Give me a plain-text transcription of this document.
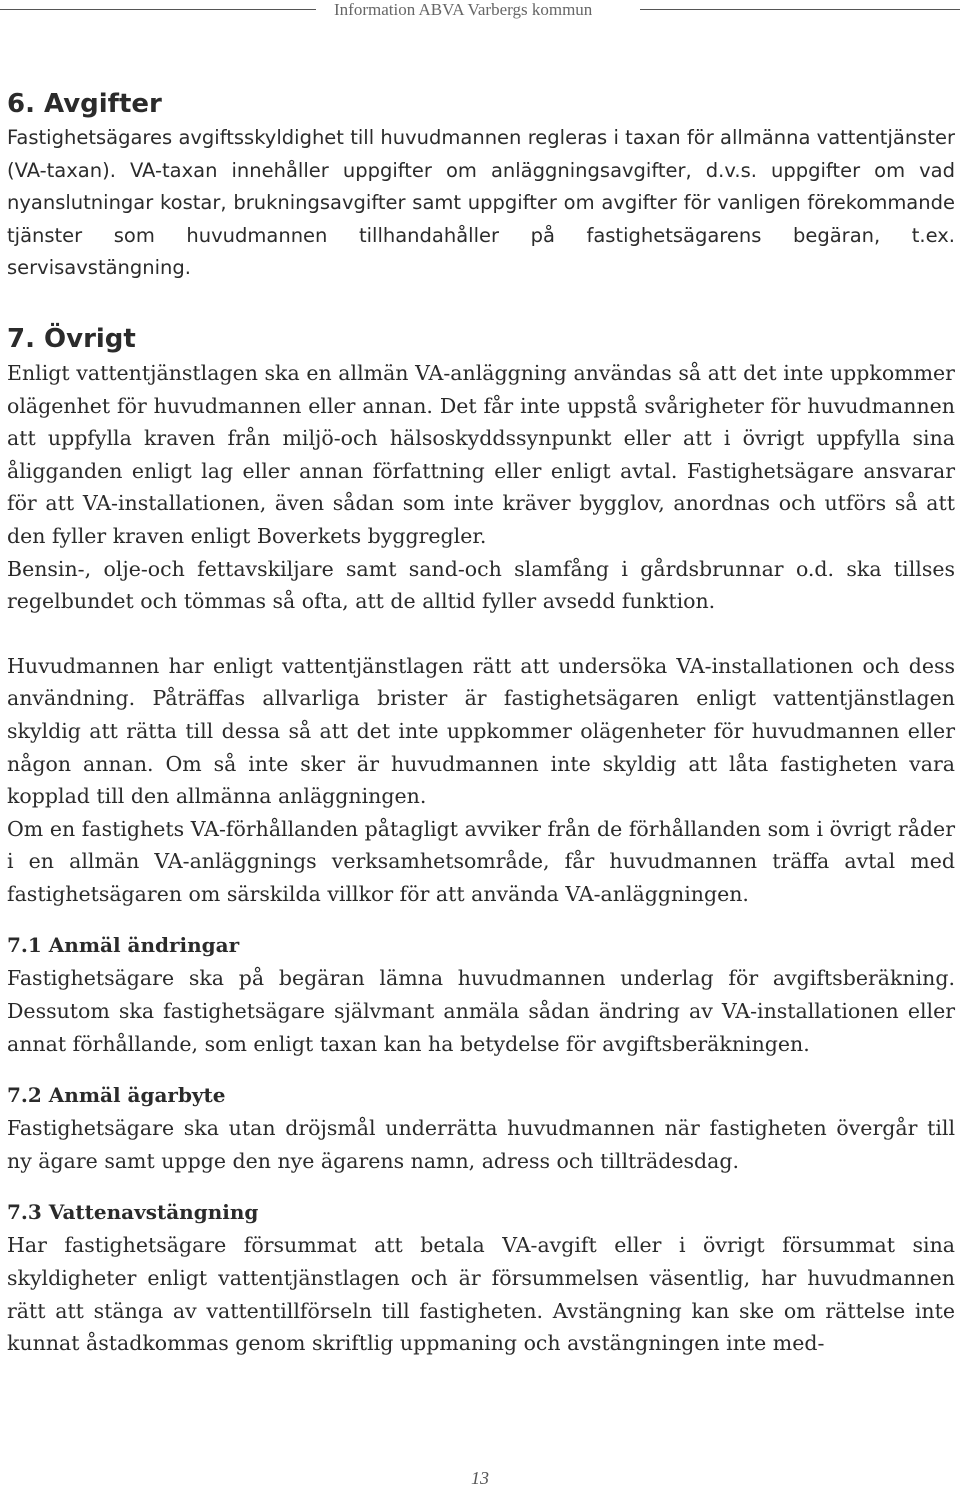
Information ABVA Varbergs kommun
6. Avgifter

Fastighetsägares avgiftsskyldighet till huvudmannen regleras i taxan för allmänna vattentjänster (VA-taxan). VA-taxan innehåller uppgifter om anläggningsavgifter, d.v.s. uppgifter om vad nyanslutningar kostar, brukningsavgifter samt uppgifter om avgifter för vanligen förekommande tjänster som huvudmannen tillhandahåller på fastighetsägarens begäran, t.ex. servisavstängning.

7. Övrigt

Enligt vattentjänstlagen ska en allmän VA-anläggning användas så att det inte uppkommer olägenhet för huvudmannen eller annan. Det får inte uppstå svårigheter för huvudmannen att uppfylla kraven från miljö-och hälsoskyddssynpunkt eller att i övrigt uppfylla sina åligganden enligt lag eller annan författning eller enligt avtal. Fastighetsägare ansvarar för att VA-installationen, även sådan som inte kräver bygglov, anordnas och utförs så att den fyller kraven enligt Boverkets byggregler.

Bensin-, olje-och fettavskiljare samt sand-och slamfång i gårdsbrunnar o.d. ska tillses regelbundet och tömmas så ofta, att de alltid fyller avsedd funktion.

Huvudmannen har enligt vattentjänstlagen rätt att undersöka VA-installationen och dess användning. Påträffas allvarliga brister är fastighetsägaren enligt vattentjänstlagen skyldig att rätta till dessa så att det inte uppkommer olägenheter för huvudmannen eller någon annan. Om så inte sker är huvudmannen inte skyldig att låta fastigheten vara kopplad till den allmänna anläggningen.

Om en fastighets VA-förhållanden påtagligt avviker från de förhållanden som i övrigt råder i en allmän VA-anläggnings verksamhetsområde, får huvudmannen träffa avtal med fastighetsägaren om särskilda villkor för att använda VA-anläggningen.

7.1 Anmäl ändringar

Fastighetsägare ska på begäran lämna huvudmannen underlag för avgiftsberäkning. Dessutom ska fastighetsägare självmant anmäla sådan ändring av VA-installationen eller annat förhållande, som enligt taxan kan ha betydelse för avgiftsberäkningen.

7.2 Anmäl ägarbyte

Fastighetsägare ska utan dröjsmål underrätta huvudmannen när fastigheten övergår till ny ägare samt uppge den nye ägarens namn, adress och tillträdesdag.

7.3 Vattenavstängning

Har fastighetsägare försummat att betala VA-avgift eller i övrigt försummat sina skyldigheter enligt vattentjänstlagen och är försummelsen väsentlig, har huvudmannen rätt att stänga av vattentillförseln till fastigheten. Avstängning kan ske om rättelse inte kunnat åstadkommas genom skriftlig uppmaning och avstängningen inte med-

13
